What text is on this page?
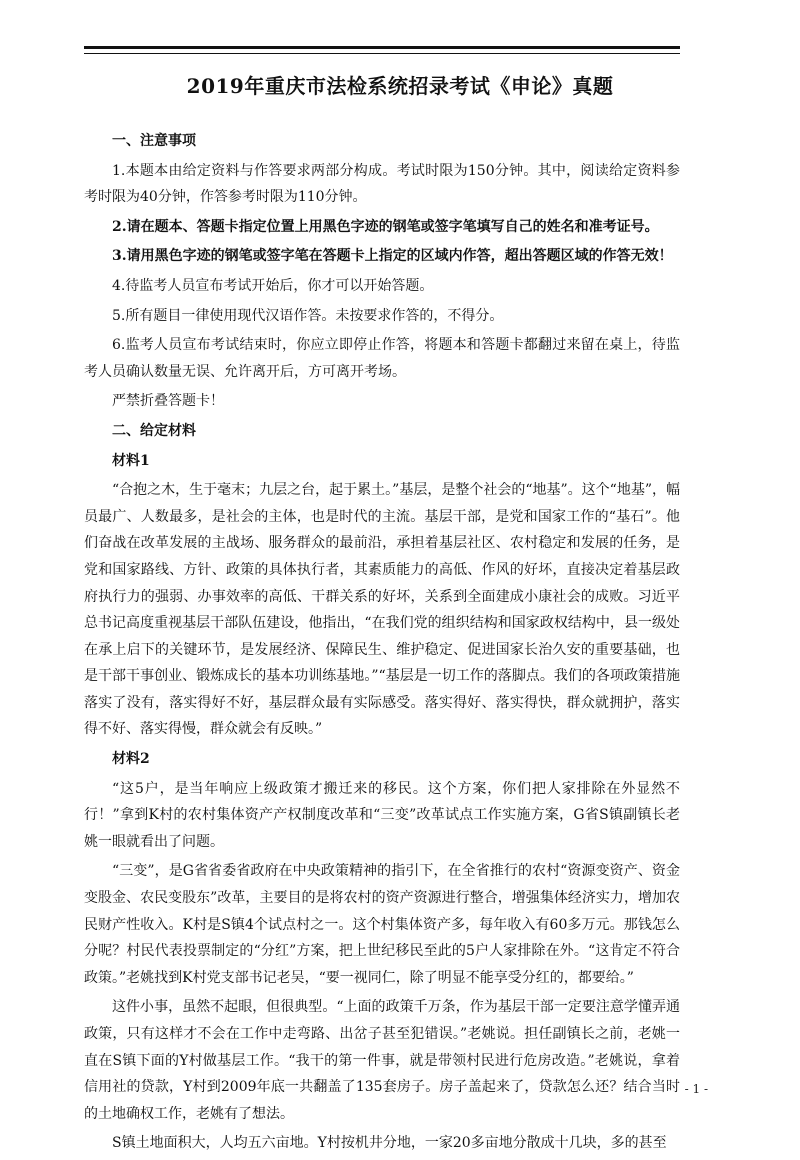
2019年重庆市法检系统招录考试《申论》真题

一、注意事项

1.本题本由给定资料与作答要求两部分构成。考试时限为150分钟。其中，阅读给定资料参考时限为40分钟，作答参考时限为110分钟。

2.请在题本、答题卡指定位置上用黑色字迹的钢笔或签字笔填写自己的姓名和准考证号。

3.请用黑色字迹的钢笔或签字笔在答题卡上指定的区域内作答，超出答题区域的作答无效！

4.待监考人员宣布考试开始后，你才可以开始答题。

5.所有题目一律使用现代汉语作答。未按要求作答的，不得分。

6.监考人员宣布考试结束时，你应立即停止作答，将题本和答题卡都翻过来留在桌上，待监考人员确认数量无误、允许离开后，方可离开考场。

严禁折叠答题卡！

二、给定材料

材料1

“合抱之木，生于毫末；九层之台，起于累土。”基层，是整个社会的“地基”。这个“地基”，幅员最广、人数最多，是社会的主体，也是时代的主流。基层干部，是党和国家工作的“基石”。他们奋战在改革发展的主战场、服务群众的最前沿，承担着基层社区、农村稳定和发展的任务，是党和国家路线、方针、政策的具体执行者，其素质能力的高低、作风的好坏，直接决定着基层政府执行力的强弱、办事效率的高低、干群关系的好坏，关系到全面建成小康社会的成败。习近平总书记高度重视基层干部队伍建设，他指出，“在我们党的组织结构和国家政权结构中，县一级处在承上启下的关键环节，是发展经济、保障民生、维护稳定、促进国家长治久安的重要基础，也是干部干事创业、锻炼成长的基本功训练基地。”“基层是一切工作的落脚点。我们的各项政策措施落实了没有，落实得好不好，基层群众最有实际感受。落实得好、落实得快，群众就拥护，落实得不好、落实得慢，群众就会有反映。”

材料2

“这5户，是当年响应上级政策才搬迁来的移民。这个方案，你们把人家排除在外显然不行！”拿到K村的农村集体资产产权制度改革和“三变”改革试点工作实施方案，G省S镇副镇长老姚一眼就看出了问题。

“三变”，是G省省委省政府在中央政策精神的指引下，在全省推行的农村“资源变资产、资金变股金、农民变股东”改革，主要目的是将农村的资产资源进行整合，增强集体经济实力，增加农民财产性收入。K村是S镇4个试点村之一。这个村集体资产多，每年收入有60多万元。那钱怎么分呢？村民代表投票制定的“分红”方案，把上世纪移民至此的5户人家排除在外。“这肯定不符合政策。”老姚找到K村党支部书记老吴，“要一视同仁，除了明显不能享受分红的，都要给。”

这件小事，虽然不起眼，但很典型。“上面的政策千万条，作为基层干部一定要注意学懂弄通政策，只有这样才不会在工作中走弯路、出岔子甚至犯错误。”老姚说。担任副镇长之前，老姚一直在S镇下面的Y村做基层工作。“我干的第一件事，就是带领村民进行危房改造。”老姚说，拿着信用社的贷款，Y村到2009年底一共翻盖了135套房子。房子盖起来了，贷款怎么还？结合当时的土地确权工作，老姚有了想法。

S镇土地面积大，人均五六亩地。Y村按机井分地，一家20多亩地分散成十几块，多的甚至

- 1 -
